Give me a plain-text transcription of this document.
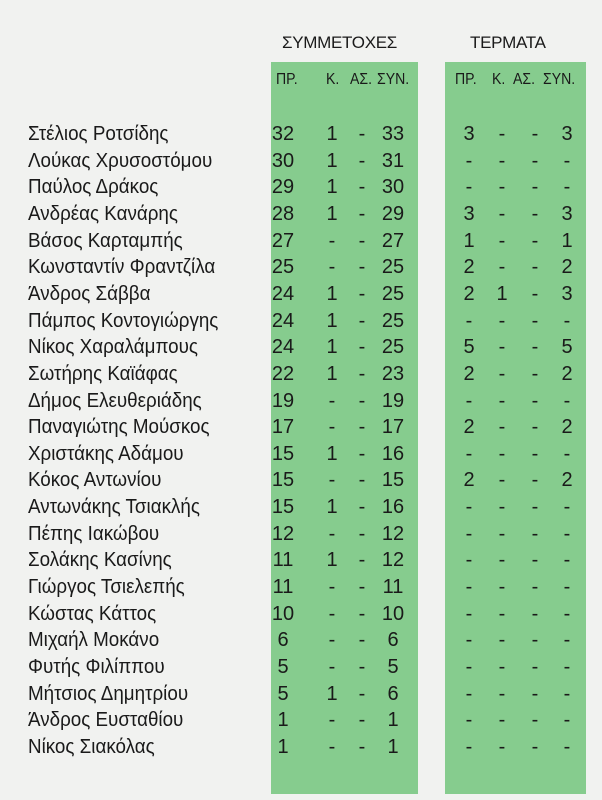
ΣΥΜΜΕΤΟΧΕΣ	ΤΕΡΜΑΤΑ
ΠΡ. Κ. ΑΣ. ΣΥΝ.	ΠΡ. Κ. ΑΣ. ΣΥΝ.
Στέλιος Ροτσίδης	32	1	- 33	3	-	-	3
Λούκας Χρυσοστόμου	30	1	- 31	-	-	-	-
Παύλος Δράκος	29	1	- 30	-	-	-	-
Ανδρέας Κανάρης	28	1	- 29	3	-	-	3
Βάσος Καρταμπής	27	-	- 27	1	-	-	1
Κωνσταντίν Φραντζίλα	25	-	- 25	2	-	-	2
Άνδρος Σάββα	24	1	- 25	2	1	-	3
Πάμπος Κοντογιώργης	24	1	- 25	-	-	-	-
Νίκος Χαραλάμπους	24	1	- 25	5	-	-	5
Σωτήρης Καϊάφας	22	1	- 23	2	-	-	2
Δήμος Ελευθεριάδης	19	-	- 19	-	-	-	-
Παναγιώτης Μούσκος	17	-	- 17	2	-	-	2
Χριστάκης Αδάμου	15	1	- 16	-	-	-	-
Κόκος Αντωνίου	15	-	- 15	2	-	-	2
Αντωνάκης Τσιακλής	15	1	- 16	-	-	-	-
Πέπης Ιακώβου	12	-	- 12	-	-	-	-
Σολάκης Κασίνης	11	1	- 12	-	-	-	-
Γιώργος Τσιελεπής	11	-	- 11	-	-	-	-
Κώστας Κάττος	10	-	- 10	-	-	-	-
Μιχαήλ Μοκάνο	6	-	-	6	-	-	-	-
Φυτής Φιλίππου	5	-	-	5	-	-	-	-
Μήτσιος Δημητρίου	5	1	-	6	-	-	-	-
Άνδρος Ευσταθίου	1	-	-	1	-	-	-	-
Νίκος Σιακόλας	1	-	-	1	-	-	-	-
